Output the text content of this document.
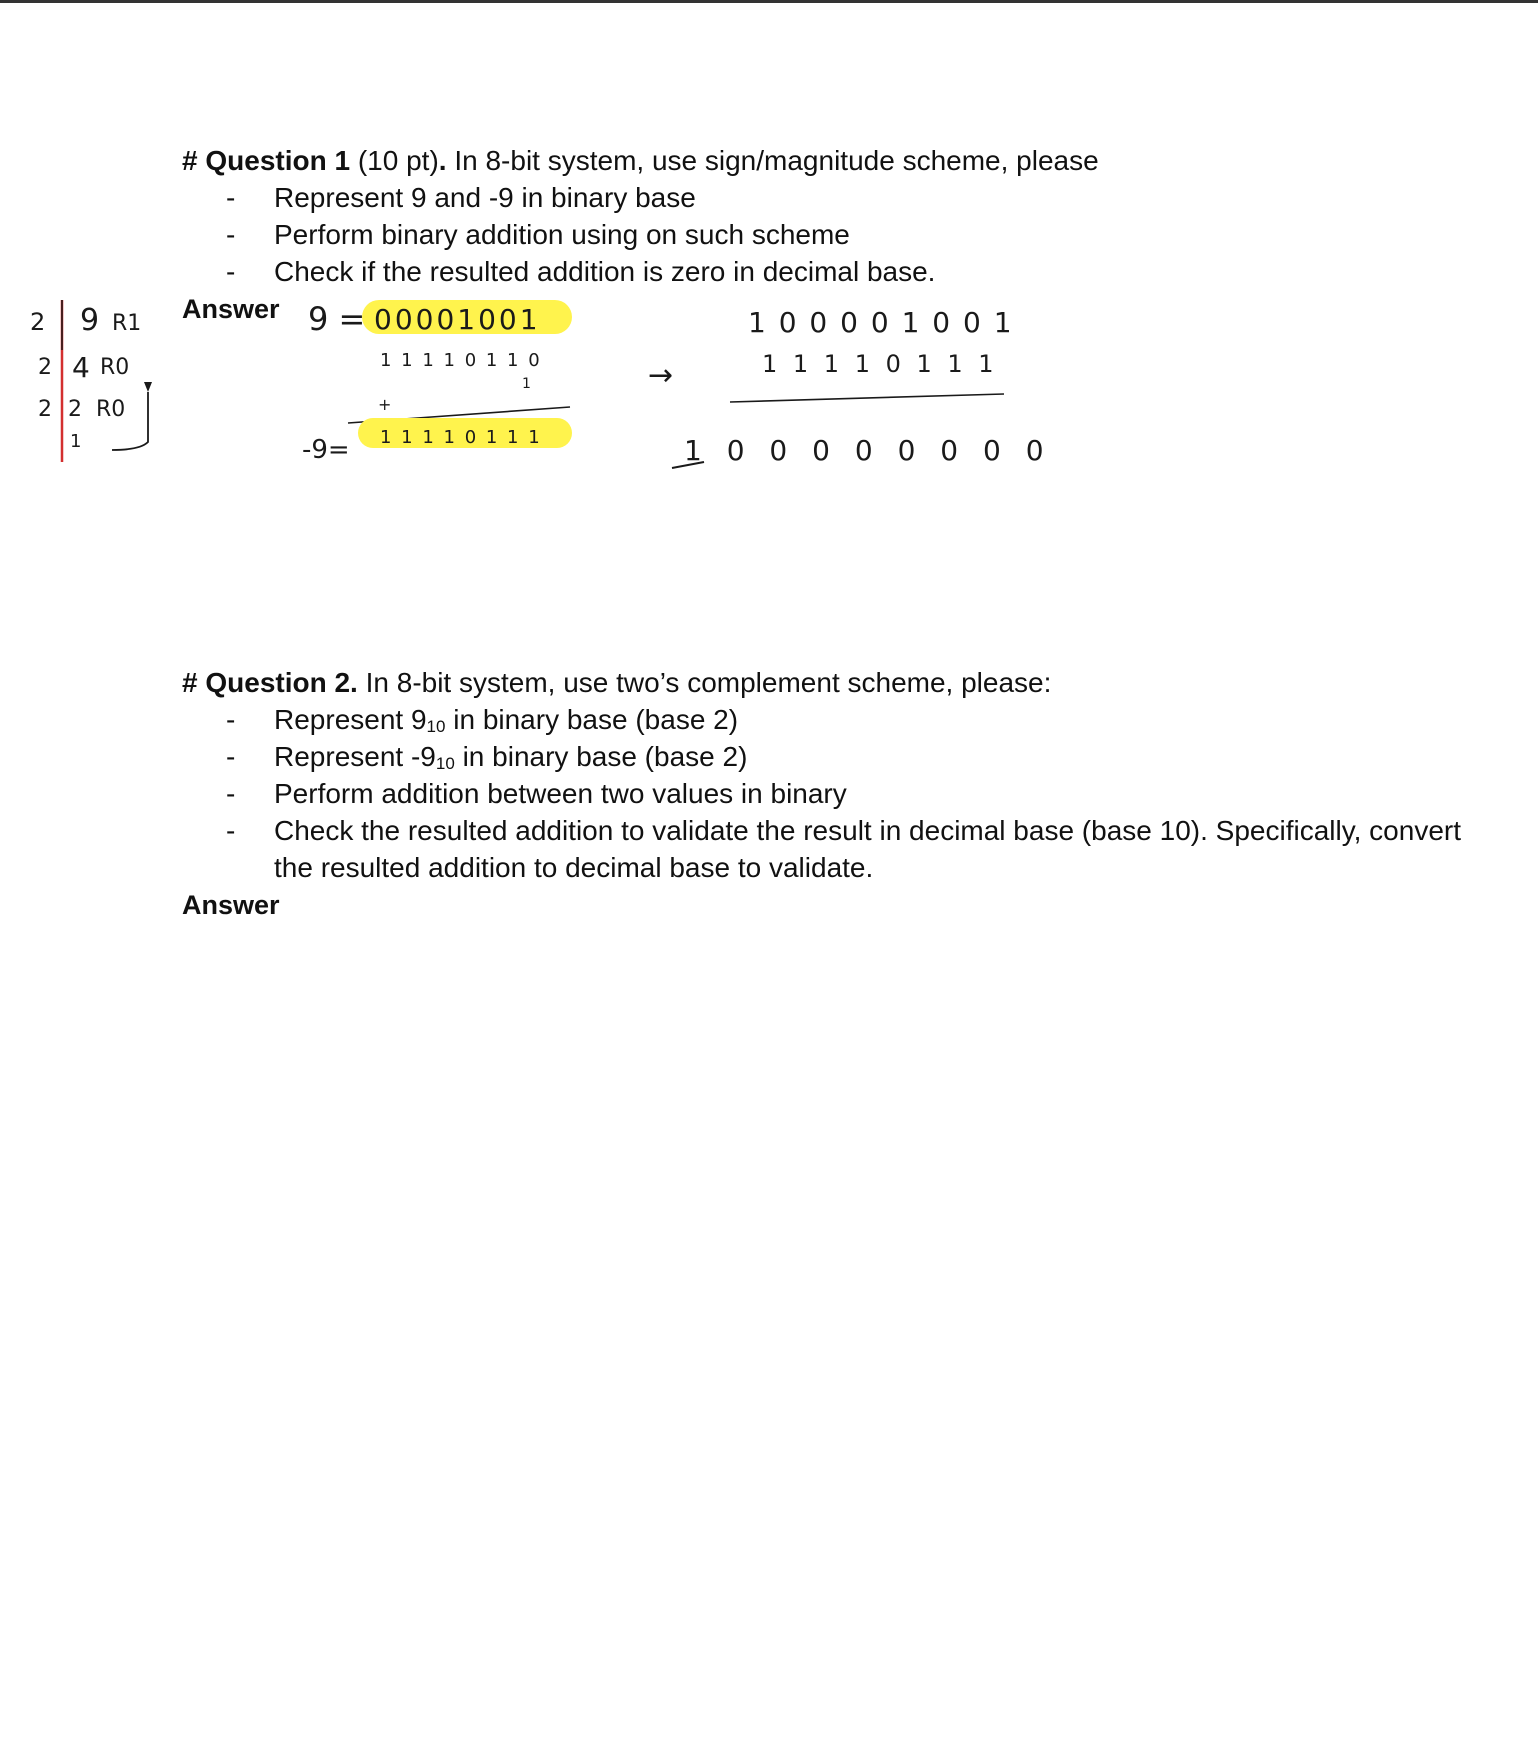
# Question 1 (10 pt). In 8-bit system, use sign/magnitude scheme, please
- Represent 9 and -9 in binary base
- Perform binary addition using on such scheme
- Check if the resulted addition is zero in decimal base.
Answer
2 9 R1
2 4 R0
2 2 R0
1
9 = 00001001
1 1 1 1 0 1 1 0
1
+
-9= 1 1 1 1 0 1 1 1
→
1 0 0 0 0 1 0 0 1
1 1 1 1 0 1 1 1
1 0 0 0 0 0 0 0 0
# Question 2. In 8-bit system, use two’s complement scheme, please:
- Represent $9_{10}$ in binary base (base 2)
- Represent $-9_{10}$ in binary base (base 2)
- Perform addition between two values in binary
- Check the resulted addition to validate the result in decimal base (base 10). Specifically, convert the resulted addition to decimal base to validate.
Answer
